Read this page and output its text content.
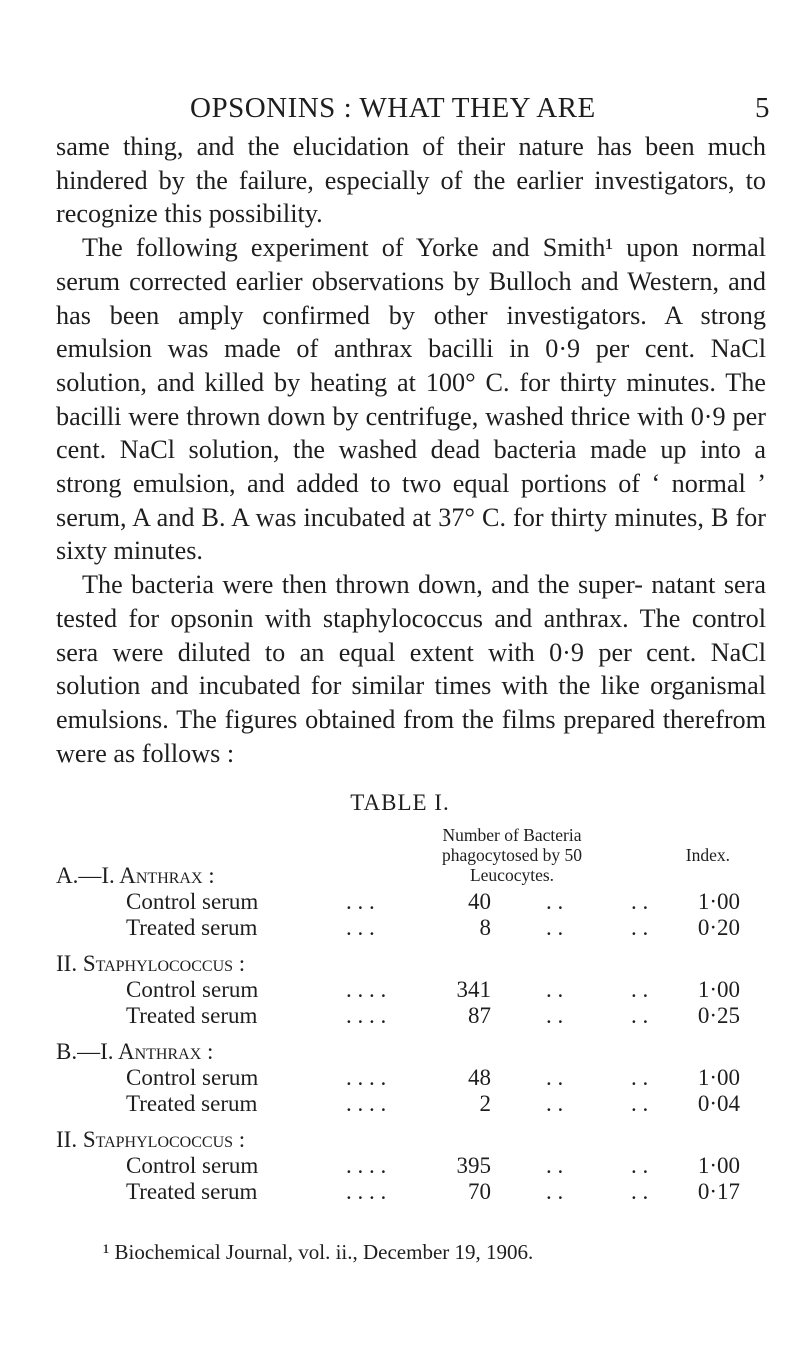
OPSONINS : WHAT THEY ARE	5

same thing, and the elucidation of their nature has been much hindered by the failure, especially of the earlier investigators, to recognize this possibility.

The following experiment of Yorke and Smith¹ upon normal serum corrected earlier observations by Bulloch and Western, and has been amply confirmed by other investigators. A strong emulsion was made of anthrax bacilli in 0·9 per cent. NaCl solution, and killed by heating at 100° C. for thirty minutes. The bacilli were thrown down by centrifuge, washed thrice with 0·9 per cent. NaCl solution, the washed dead bacteria made up into a strong emulsion, and added to two equal portions of ‘ normal ’ serum, A and B. A was incubated at 37° C. for thirty minutes, B for sixty minutes.

The bacteria were then thrown down, and the super- natant sera tested for opsonin with staphylococcus and anthrax. The control sera were diluted to an equal extent with 0·9 per cent. NaCl solution and incubated for similar times with the like organismal emulsions. The figures obtained from the films prepared therefrom were as follows :

TABLE I.
Number of Bacteria phagocytosed by 50 Leucocytes.
Index.
A.—I. Anthrax :
Control serum	. . .	40 . .	. .	1·00
Treated serum	. . .	8 . .	. .	0·20
II. Staphylococcus :
Control serum	. . . .	341 . .	. .	1·00
Treated serum	. . . .	87 . .	. .	0·25
B.—I. Anthrax :
Control serum	. . . .	48 . .	. .	1·00
Treated serum	. . . .	2 . .	. .	0·04
II. Staphylococcus :
Control serum	. . . .	395 . .	. .	1·00
Treated serum	. . . .	70 . .	. .	0·17
¹ Biochemical Journal, vol. ii., December 19, 1906.
